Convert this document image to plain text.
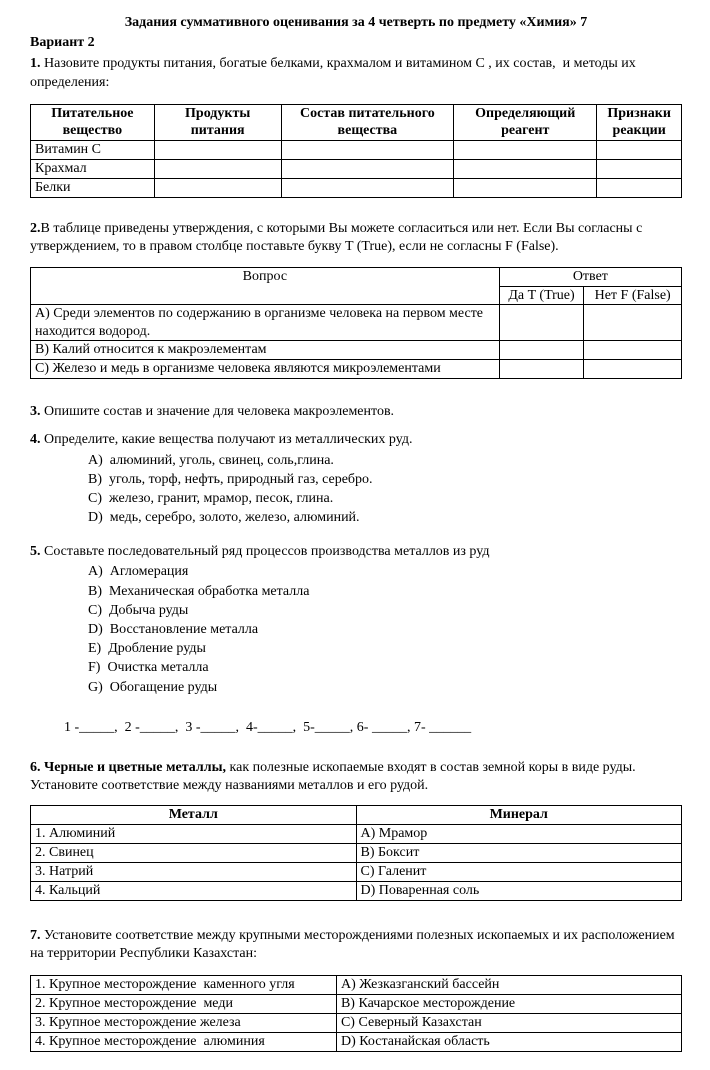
Задания суммативного оценивания за 4 четверть по предмету «Химия» 7
Вариант 2

1. Назовите продукты питания, богатые белками, крахмалом и витамином С , их состав,  и методы их определения:

Питательное вещество	Продукты питания	Состав питательного вещества	Определяющий реагент	Признаки реакции
Витамин С				
Крахмал				
Белки				

2.В таблице приведены утверждения, с которыми Вы можете согласиться или нет. Если Вы согласны с утверждением, то в правом столбце поставьте букву T (True), если не согласны F (False).

Вопрос	Ответ	
	Да T (True)	Нет F (False)
А) Среди элементов по содержанию в организме человека на первом месте находится водород.		
В) Калий относится к макроэлементам		
С) Железо и медь в организме человека являются микроэлементами		

3. Опишите состав и значение для человека макроэлементов.

4. Определите, какие вещества получают из металлических руд.

А)  алюминий, уголь, свинец, соль,глина.
В)  уголь, торф, нефть, природный газ, серебро.
С)  железо, гранит, мрамор, песок, глина.
D)  медь, серебро, золото, железо, алюминий.

5. Составьте последовательный ряд процессов производства металлов из руд

А)  Агломерация
В)  Механическая обработка металла
С)  Добыча руды
D)  Восстановление металла
Е)  Дробление руды
F)  Очистка металла
G)  Обогащение руды
1 -_____,  2 -_____,  3 -_____,  4-_____,  5-_____, 6- _____, 7- ______

6. Черные и цветные металлы, как полезные ископаемые входят в состав земной коры в виде руды. Установите соответствие между названиями металлов и его рудой.

Металл	Минерал
1. Алюминий	А) Мрамор
2. Свинец	В) Боксит
3. Натрий	С) Галенит
4. Кальций	D) Поваренная соль

7. Установите соответствие между крупными месторождениями полезных ископаемых и их расположением на территории Республики Казахстан:

1. Крупное месторождение  каменного угля	А) Жезказганский бассейн
2. Крупное месторождение  меди	В) Качарское месторождение
3. Крупное месторождение железа	С) Северный Казахстан
4. Крупное месторождение  алюминия	D) Костанайская область
